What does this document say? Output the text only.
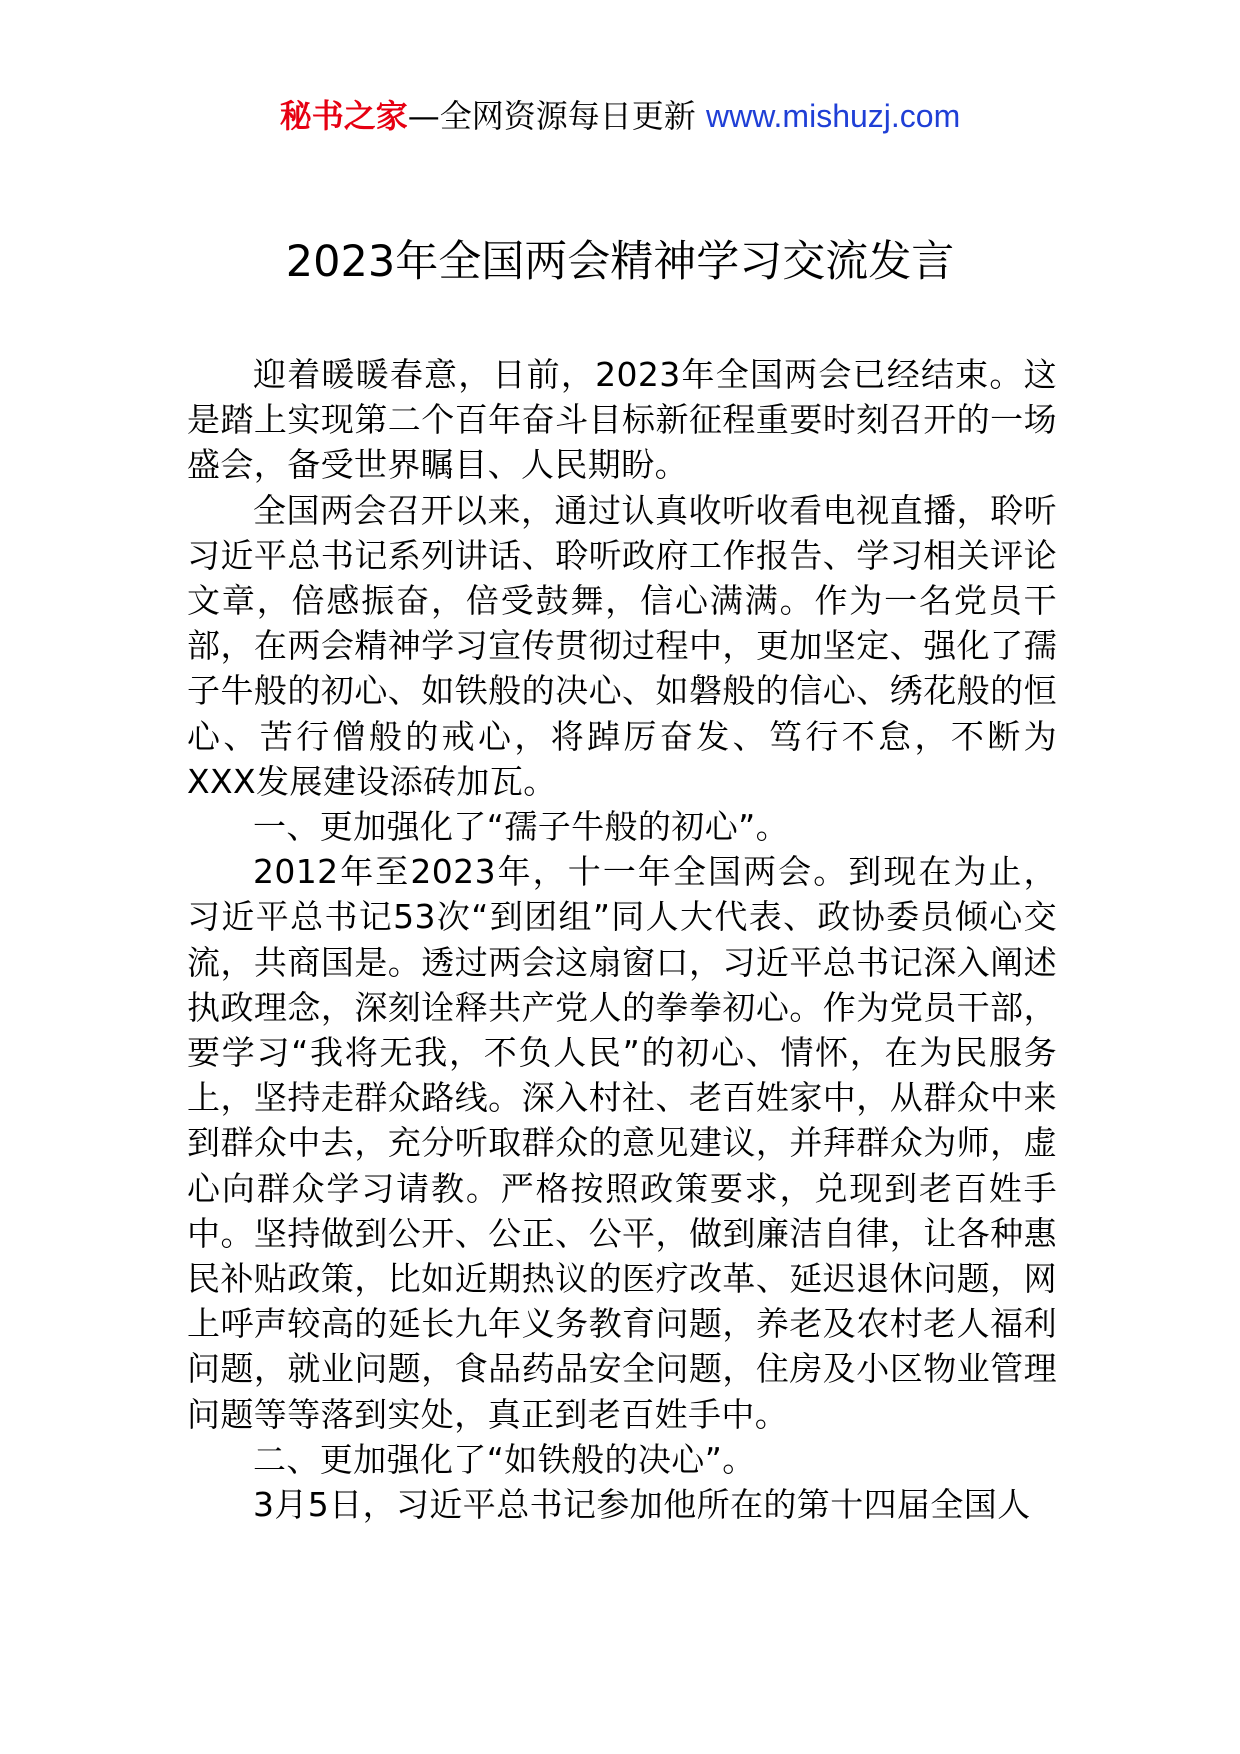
秘书之家—全网资源每日更新 www.mishuzj.com
2023年全国两会精神学习交流发言

迎着暖暖春意，日前，2023年全国两会已经结束。这是踏上实现第二个百年奋斗目标新征程重要时刻召开的一场盛会，备受世界瞩目、人民期盼。

全国两会召开以来，通过认真收听收看电视直播，聆听习近平总书记系列讲话、聆听政府工作报告、学习相关评论文章，倍感振奋，倍受鼓舞，信心满满。作为一名党员干部，在两会精神学习宣传贯彻过程中，更加坚定、强化了孺子牛般的初心、如铁般的决心、如磐般的信心、绣花般的恒心、苦行僧般的戒心，将踔厉奋发、笃行不怠，不断为XXX发展建设添砖加瓦。

一、更加强化了“孺子牛般的初心”。

2012年至2023年，十一年全国两会。到现在为止，习近平总书记53次“到团组”同人大代表、政协委员倾心交流，共商国是。透过两会这扇窗口，习近平总书记深入阐述执政理念，深刻诠释共产党人的拳拳初心。作为党员干部，要学习“我将无我，不负人民”的初心、情怀，在为民服务上，坚持走群众路线。深入村社、老百姓家中，从群众中来到群众中去，充分听取群众的意见建议，并拜群众为师，虚心向群众学习请教。严格按照政策要求，兑现到老百姓手中。坚持做到公开、公正、公平，做到廉洁自律，让各种惠民补贴政策，比如近期热议的医疗改革、延迟退休问题，网上呼声较高的延长九年义务教育问题，养老及农村老人福利问题，就业问题，食品药品安全问题，住房及小区物业管理问题等等落到实处，真正到老百姓手中。

二、更加强化了“如铁般的决心”。

3月5日，习近平总书记参加他所在的第十四届全国人
